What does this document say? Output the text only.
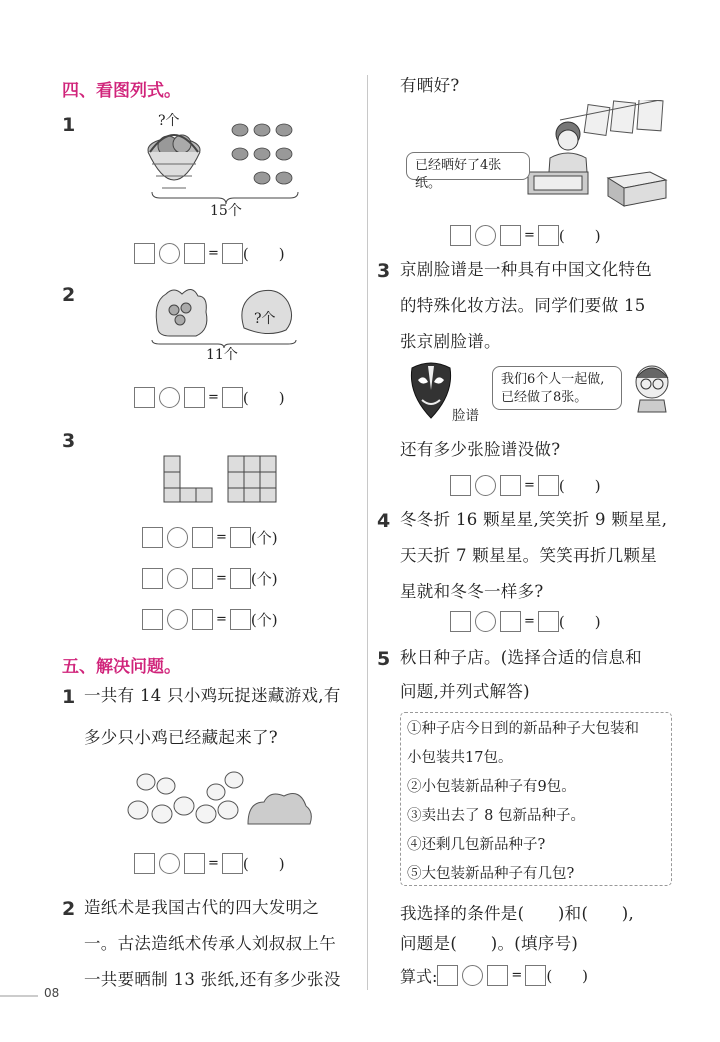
四、看图列式。
1	?个
15个
= (　　)
2
?个
11个
= (　　)
3
= (个)
= (个)
= (个)
五、解决问题。
1 一共有 14 只小鸡玩捉迷藏游戏,有
多少只小鸡已经藏起来了?
= (　　)
2 造纸术是我国古代的四大发明之
一。古法造纸术传承人刘叔叔上午
一共要晒制 13 张纸,还有多少张没
有晒好?
已经晒好了4张纸。
= (　　)
3 京剧脸谱是一种具有中国文化特色
的特殊化妆方法。同学们要做 15
张京剧脸谱。
脸谱
我们6个人一起做,
已经做了8张。
还有多少张脸谱没做?
= (　　)
4 冬冬折 16 颗星星,笑笑折 9 颗星星,
天天折 7 颗星星。笑笑再折几颗星
星就和冬冬一样多?
= (　　)
5 秋日种子店。(选择合适的信息和
问题,并列式解答)
①种子店今日到的新品种子大包装和
小包装共17包。
②小包装新品种子有9包。
③卖出去了 8 包新品种子。
④还剩几包新品种子?
⑤大包装新品种子有几包?
我选择的条件是(　　)和(　　),
问题是(　　)。(填序号)
算式:	= (　　)
08
